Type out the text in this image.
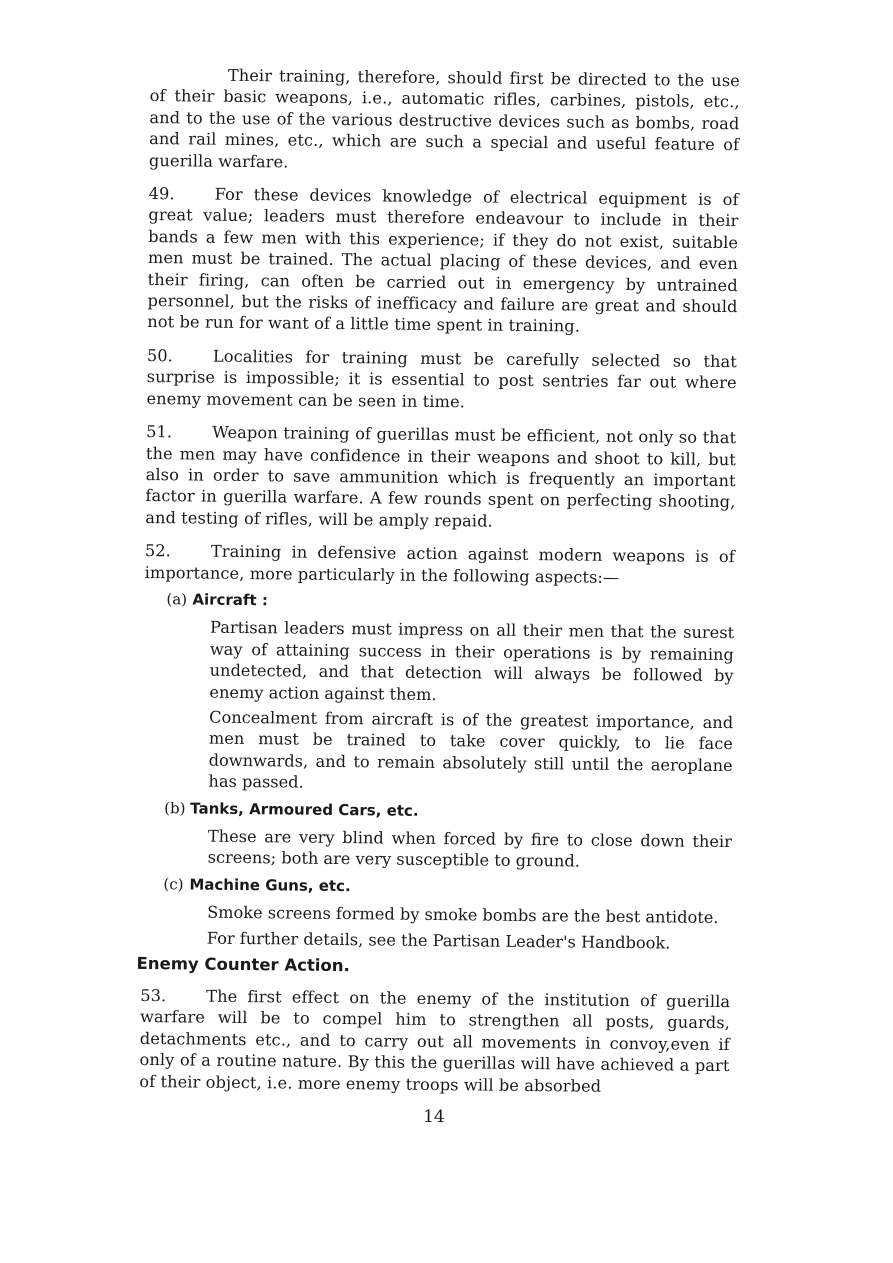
Their training, therefore, should first be directed to the use of their basic weapons, i.e., automatic rifles, carbines, pistols, etc., and to the use of the various destructive devices such as bombs, road and rail mines, etc., which are such a special and useful feature of guerilla warfare.

49. For these devices knowledge of electrical equipment is of great value; leaders must therefore endeavour to include in their bands a few men with this experience; if they do not exist, suitable men must be trained. The actual placing of these devices, and even their firing, can often be carried out in emergency by untrained personnel, but the risks of inefficacy and failure are great and should not be run for want of a little time spent in training.

50. Localities for training must be carefully selected so that surprise is impossible; it is essential to post sentries far out where enemy movement can be seen in time.

51. Weapon training of guerillas must be efficient, not only so that the men may have confidence in their weapons and shoot to kill, but also in order to save ammunition which is frequently an important factor in guerilla warfare. A few rounds spent on perfecting shooting, and testing of rifles, will be amply repaid.

52. Training in defensive action against modern weapons is of importance, more particularly in the following aspects:—

(a) Aircraft :

Partisan leaders must impress on all their men that the surest way of attaining success in their operations is by remaining undetected, and that detection will always be followed by enemy action against them.

Concealment from aircraft is of the greatest importance, and men must be trained to take cover quickly, to lie face downwards, and to remain absolutely still until the aeroplane has passed.

(b) Tanks, Armoured Cars, etc.

These are very blind when forced by fire to close down their screens; both are very susceptible to ground.

(c) Machine Guns, etc.

Smoke screens formed by smoke bombs are the best antidote.

For further details, see the Partisan Leader's Handbook.

Enemy Counter Action.

53. The first effect on the enemy of the institution of guerilla warfare will be to compel him to strengthen all posts, guards, detachments etc., and to carry out all movements in convoy,even if only of a routine nature. By this the guerillas will have achieved a part of their object, i.e. more enemy troops will be absorbed

14
